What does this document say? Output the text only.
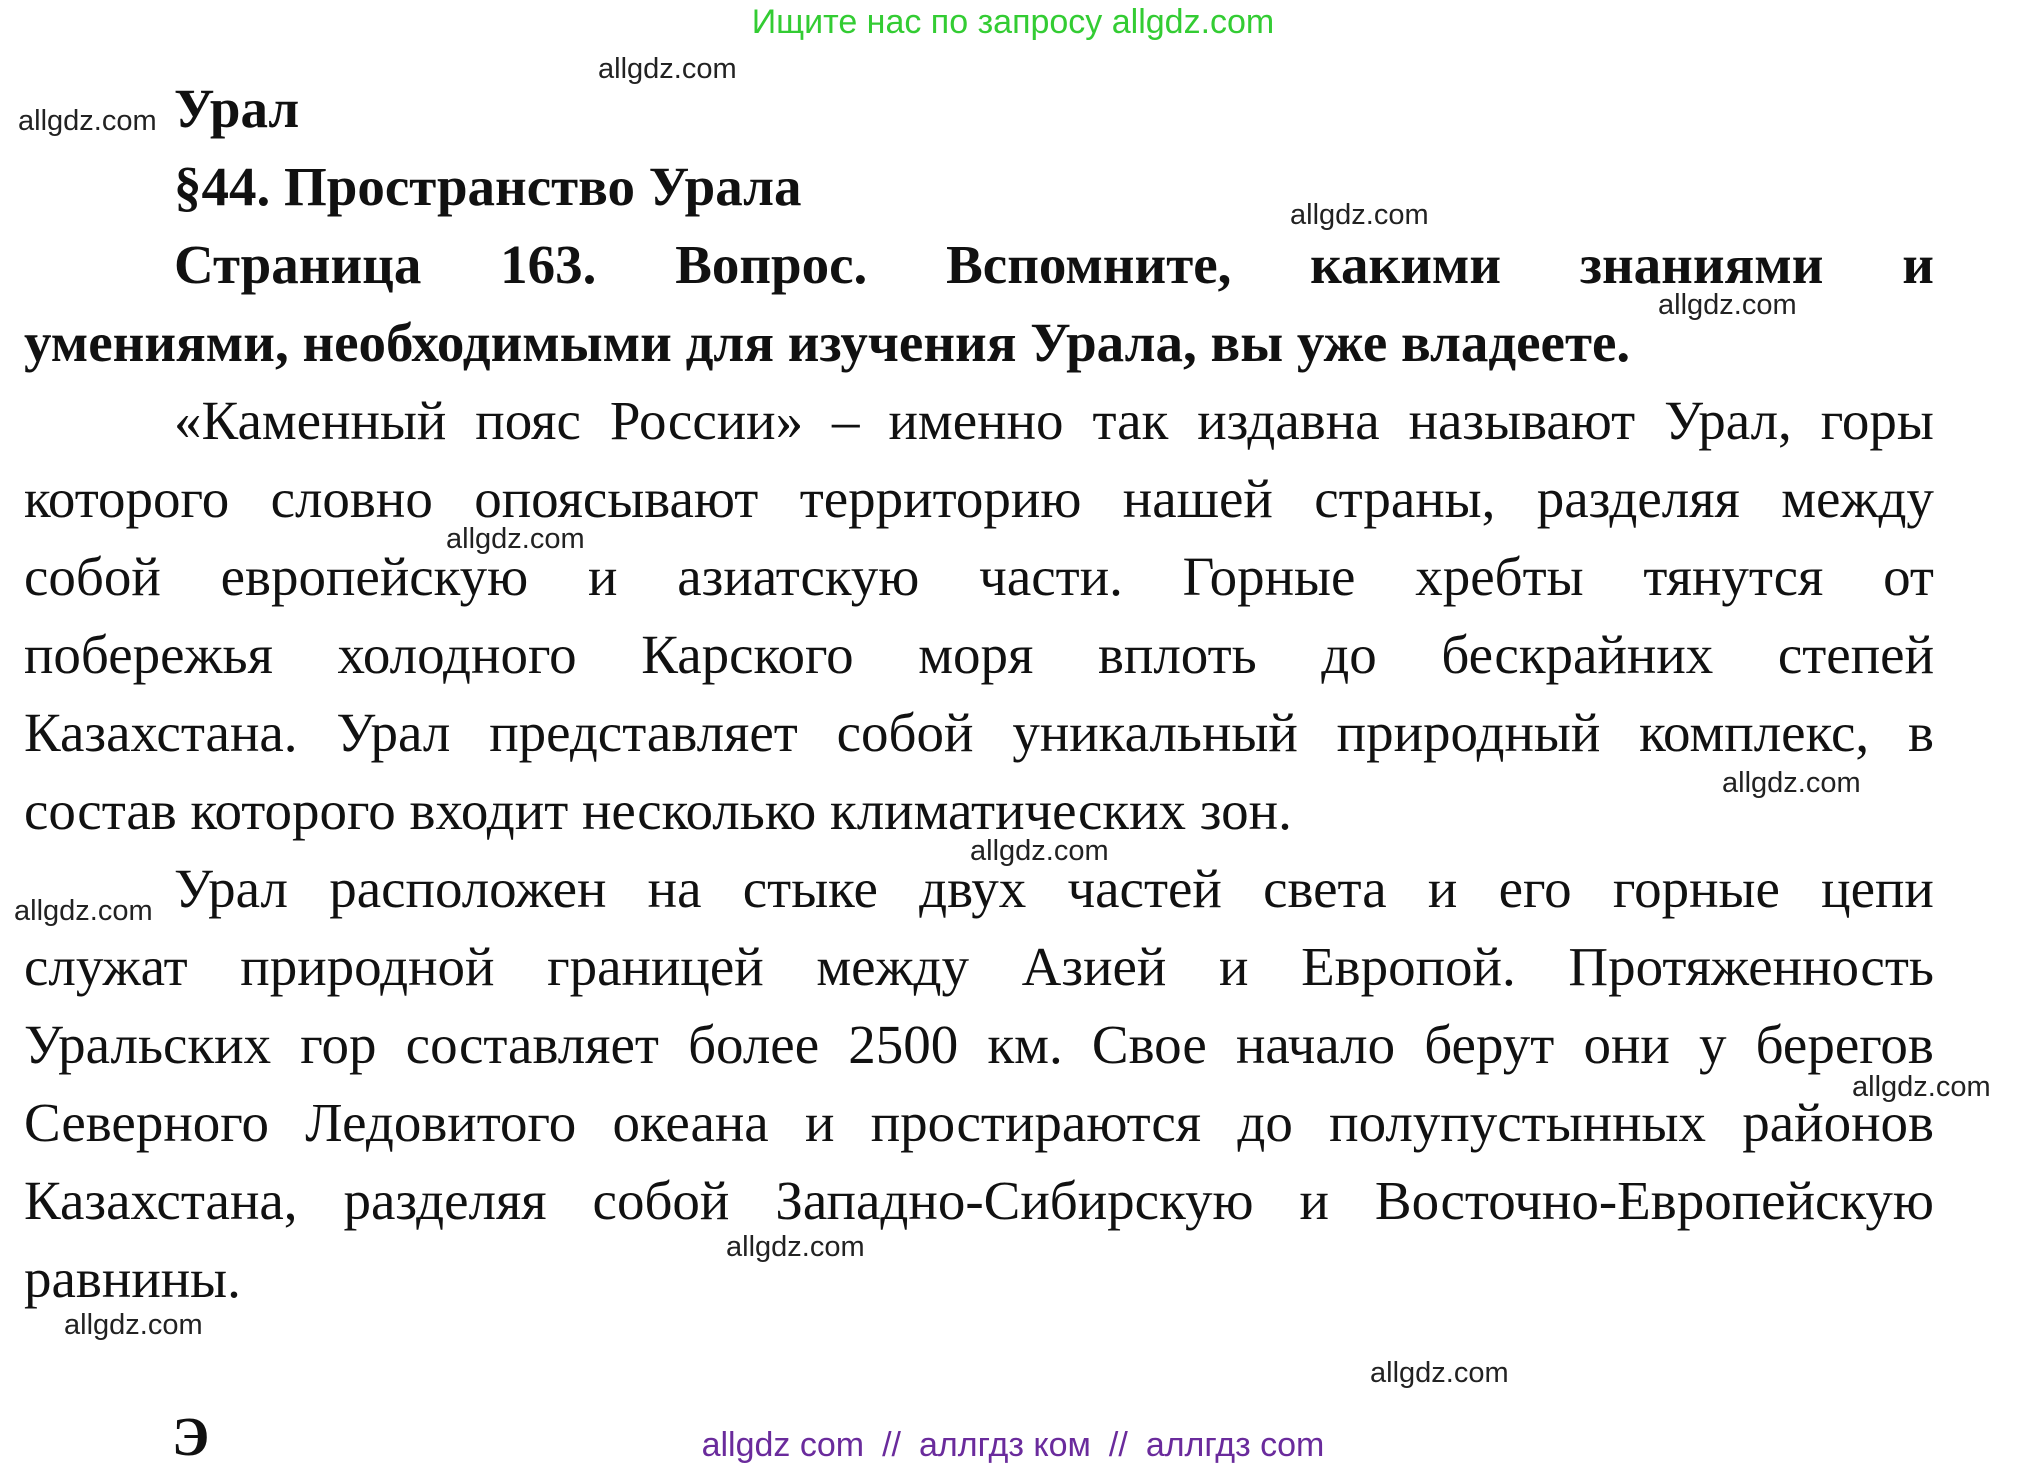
Ищите нас по запросу allgdz.com

Урал

§44. Пространство Урала

Страница 163. Вопрос. Вспомните, какими знаниями и

умениями, необходимыми для изучения Урала, вы уже владеете.

«Каменный пояс России» – именно так издавна называют Урал, горы

которого словно опоясывают территорию нашей страны, разделяя между

собой европейскую и азиатскую части. Горные хребты тянутся от

побережья холодного Карского моря вплоть до бескрайних степей

Казахстана. Урал представляет собой уникальный природный комплекс, в

состав которого входит несколько климатических зон.

Урал расположен на стыке двух частей света и его горные цепи

служат природной границей между Азией и Европой. Протяженность

Уральских гор составляет более 2500 км. Свое начало берут они у берегов

Северного Ледовитого океана и простираются до полупустынных районов

Казахстана, разделяя собой Западно-Сибирскую и Восточно-Европейскую

равнины.

Э
allgdz.com
allgdz.com
allgdz.com
allgdz.com
allgdz.com
allgdz.com
allgdz.com
allgdz.com
allgdz.com
allgdz.com
allgdz.com
allgdz.com
allgdz com // аллгдз ком // аллгдз com
